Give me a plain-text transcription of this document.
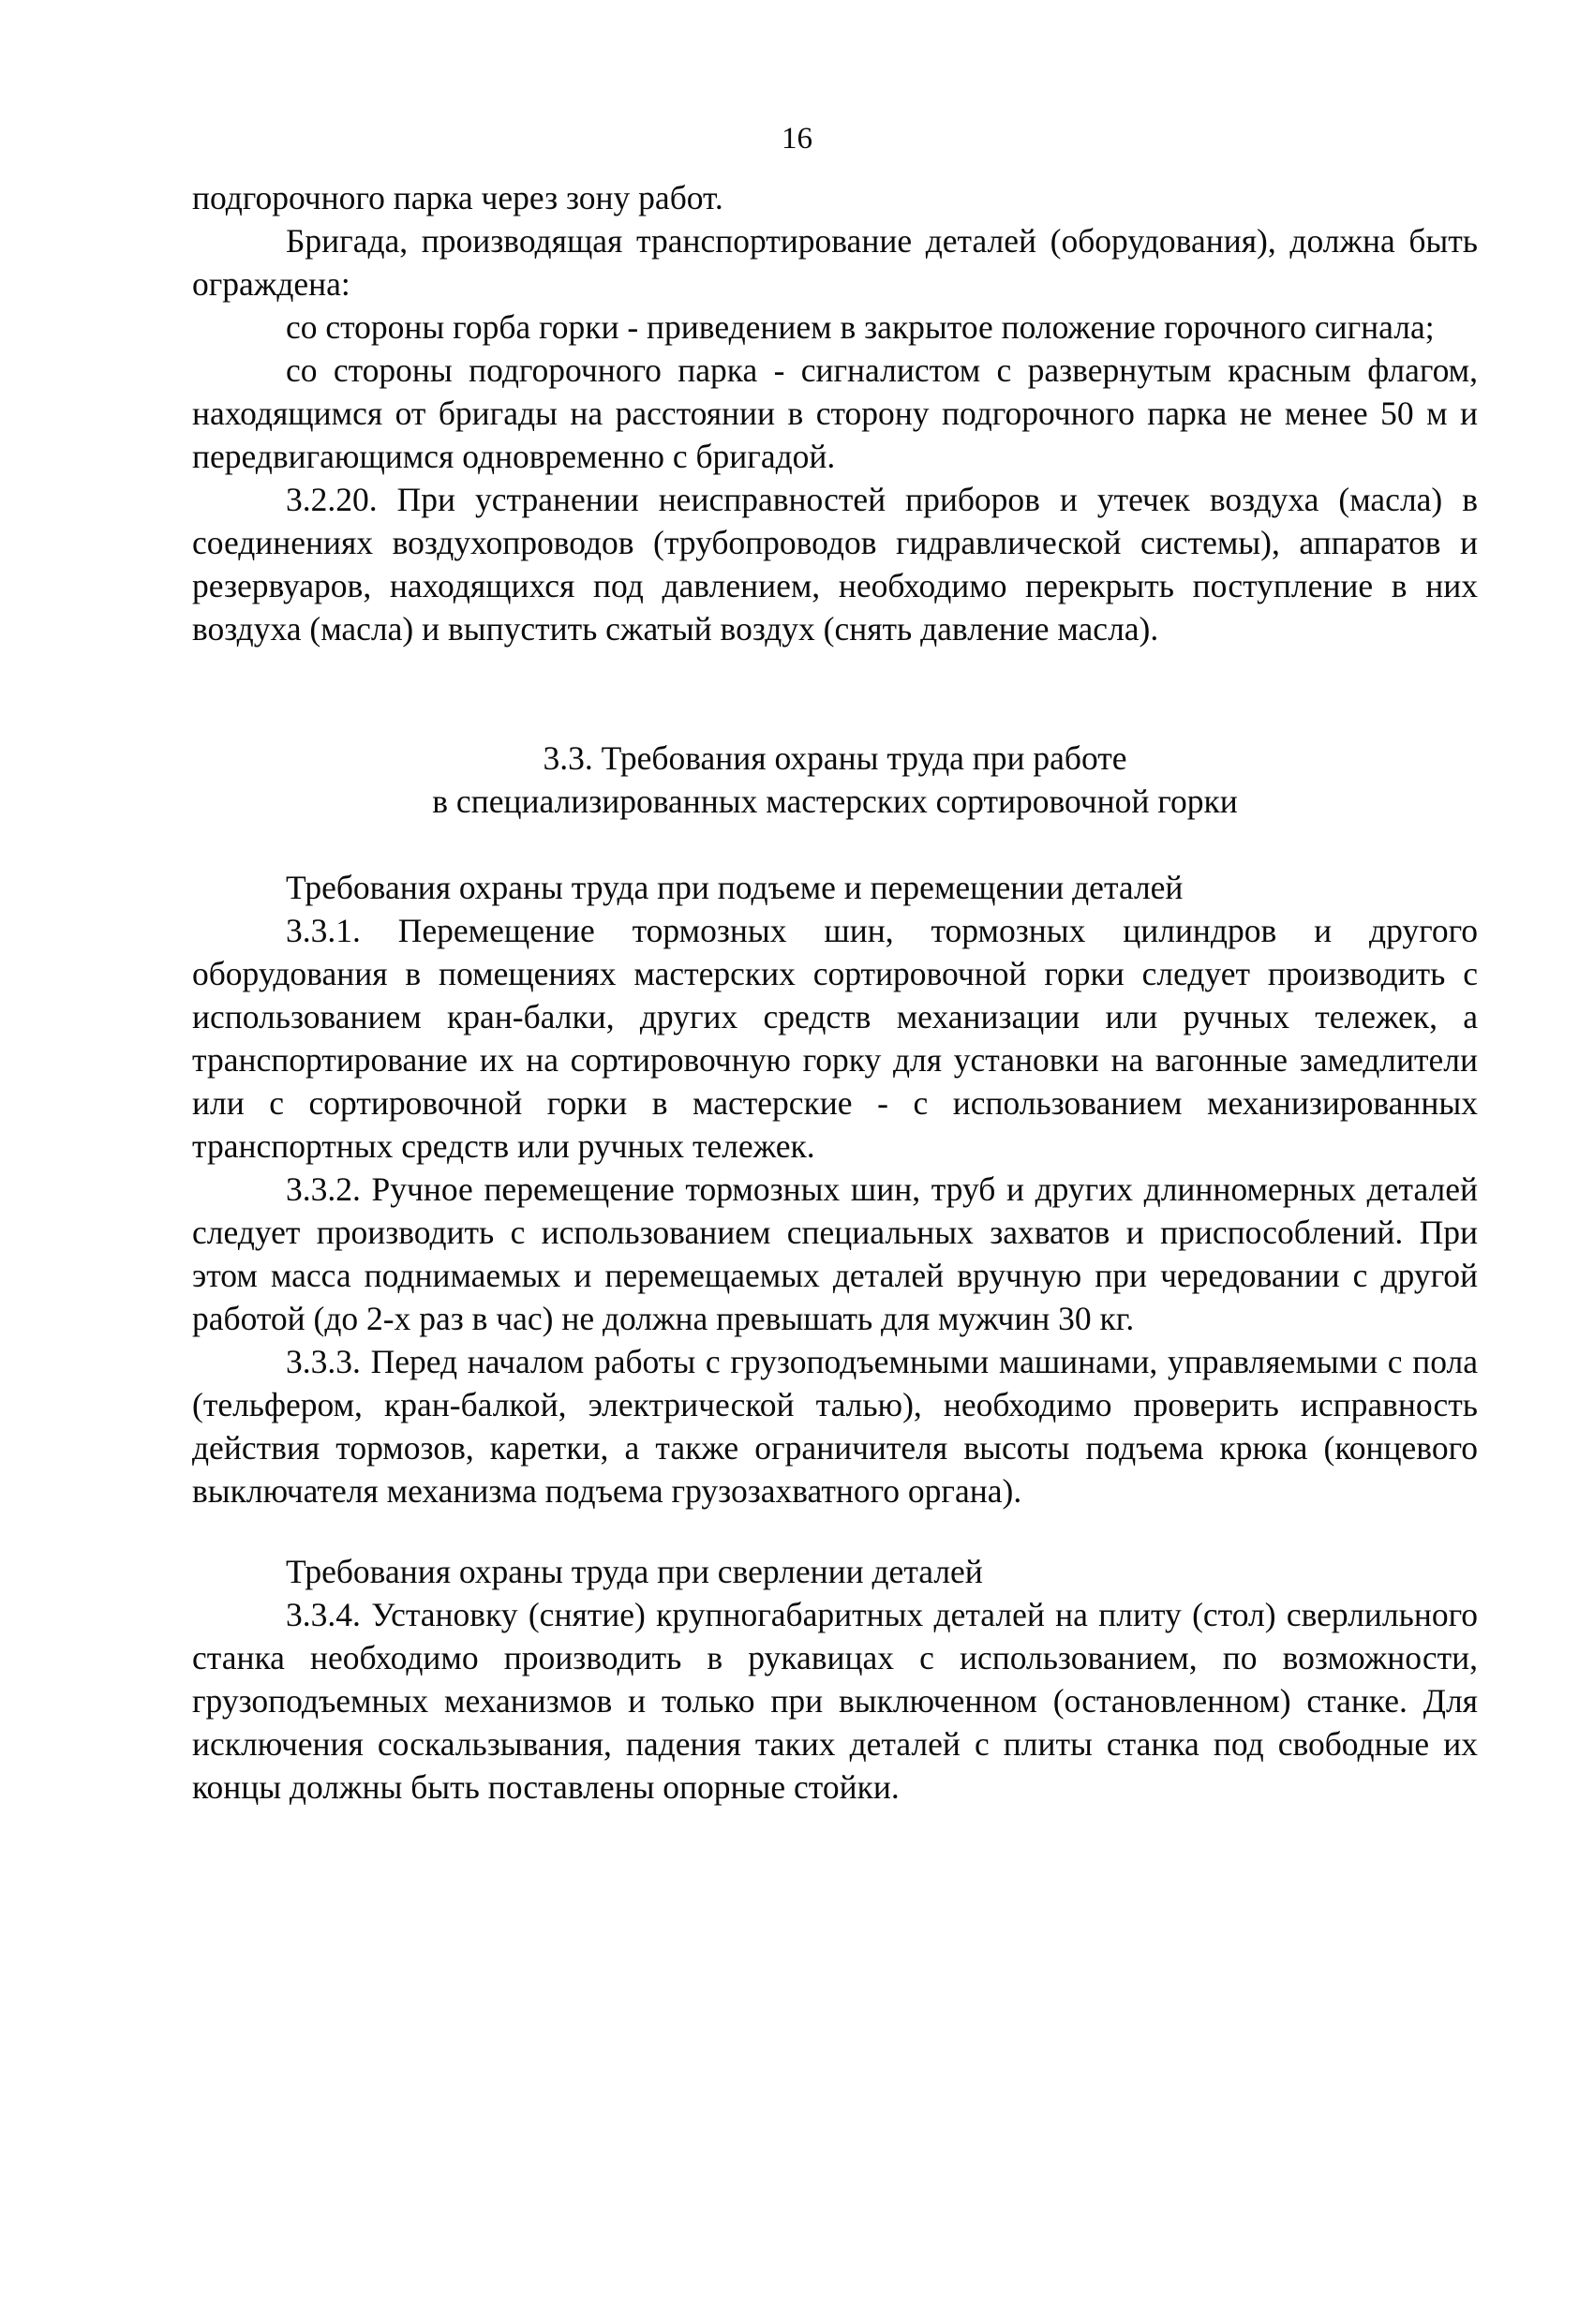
16

подгорочного парка через зону работ.

Бригада, производящая транспортирование деталей (оборудования), должна быть ограждена:

со стороны горба горки - приведением в закрытое положение горочного сигнала;

со стороны подгорочного парка - сигналистом с развернутым красным флагом, находящимся от бригады на расстоянии в сторону подгорочного парка не менее 50 м и передвигающимся одновременно с бригадой.

3.2.20. При устранении неисправностей приборов и утечек воздуха (масла) в соединениях воздухопроводов (трубопроводов гидравлической системы), аппаратов и резервуаров, находящихся под давлением, необходимо перекрыть поступление в них воздуха (масла) и выпустить сжатый воздух (снять давление масла).

3.3. Требования охраны труда при работе

в специализированных мастерских сортировочной горки

Требования охраны труда при подъеме и перемещении деталей

3.3.1. Перемещение тормозных шин, тормозных цилиндров и другого оборудования в помещениях мастерских сортировочной горки следует производить с использованием кран-балки, других средств механизации или ручных тележек, а транспортирование их на сортировочную горку для установки на вагонные замедлители или с сортировочной горки в мастерские - с использованием механизированных транспортных средств или ручных тележек.

3.3.2. Ручное перемещение тормозных шин, труб и других длинномерных деталей следует производить с использованием специальных захватов и приспособлений. При этом масса поднимаемых и перемещаемых деталей вручную при чередовании с другой работой (до 2-х раз в час) не должна превышать для мужчин 30 кг.

3.3.3. Перед началом работы с грузоподъемными машинами, управляемыми с пола (тельфером, кран-балкой, электрической талью), необходимо проверить исправность действия тормозов, каретки, а также ограничителя высоты подъема крюка (концевого выключателя механизма подъема грузозахватного органа).

Требования охраны труда при сверлении деталей

3.3.4. Установку (снятие) крупногабаритных деталей на плиту (стол) сверлильного станка необходимо производить в рукавицах с использованием, по возможности, грузоподъемных механизмов и только при выключенном (остановленном) станке. Для исключения соскальзывания, падения таких деталей с плиты станка под свободные их концы должны быть поставлены опорные стойки.
